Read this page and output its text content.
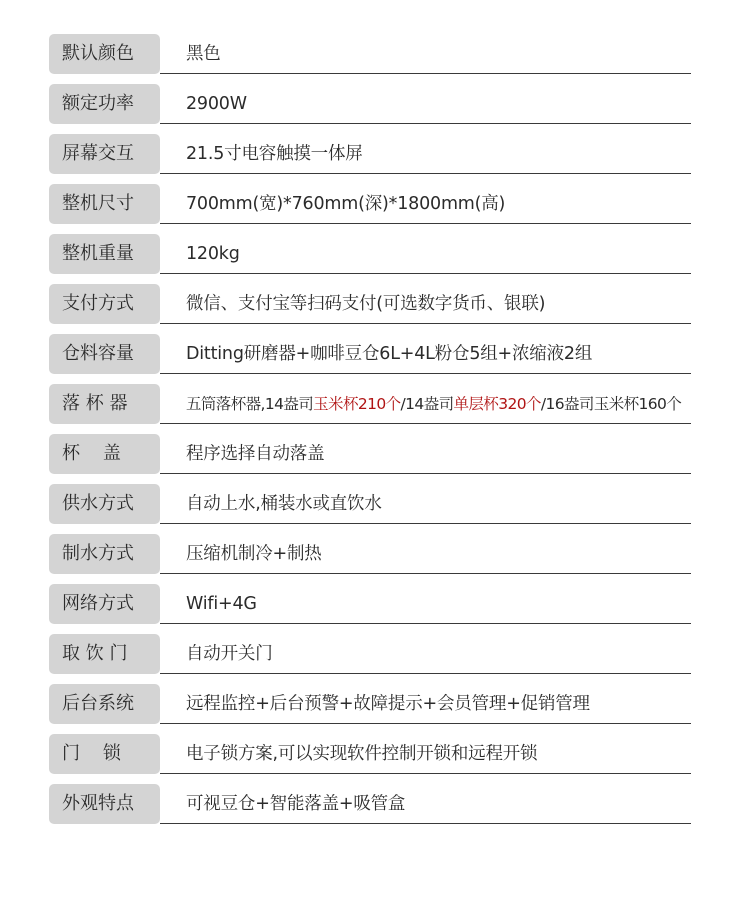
默认颜色	黑色
额定功率	2900W
屏幕交互	21.5寸电容触摸一体屏
整机尺寸	700mm(宽)*760mm(深)*1800mm(高)
整机重量	120kg
支付方式	微信、支付宝等扫码支付(可选数字货币、银联)
仓料容量	Ditting研磨器+咖啡豆仓6L+4L粉仓5组+浓缩液2组
落 杯 器	五筒落杯器,14盎司玉米杯210个/14盎司单层杯320个/16盎司玉米杯160个
杯    盖	程序选择自动落盖
供水方式	自动上水,桶装水或直饮水
制水方式	压缩机制冷+制热
网络方式	Wifi+4G
取 饮 门	自动开关门
后台系统	远程监控+后台预警+故障提示+会员管理+促销管理
门    锁	电子锁方案,可以实现软件控制开锁和远程开锁
外观特点	可视豆仓+智能落盖+吸管盒
